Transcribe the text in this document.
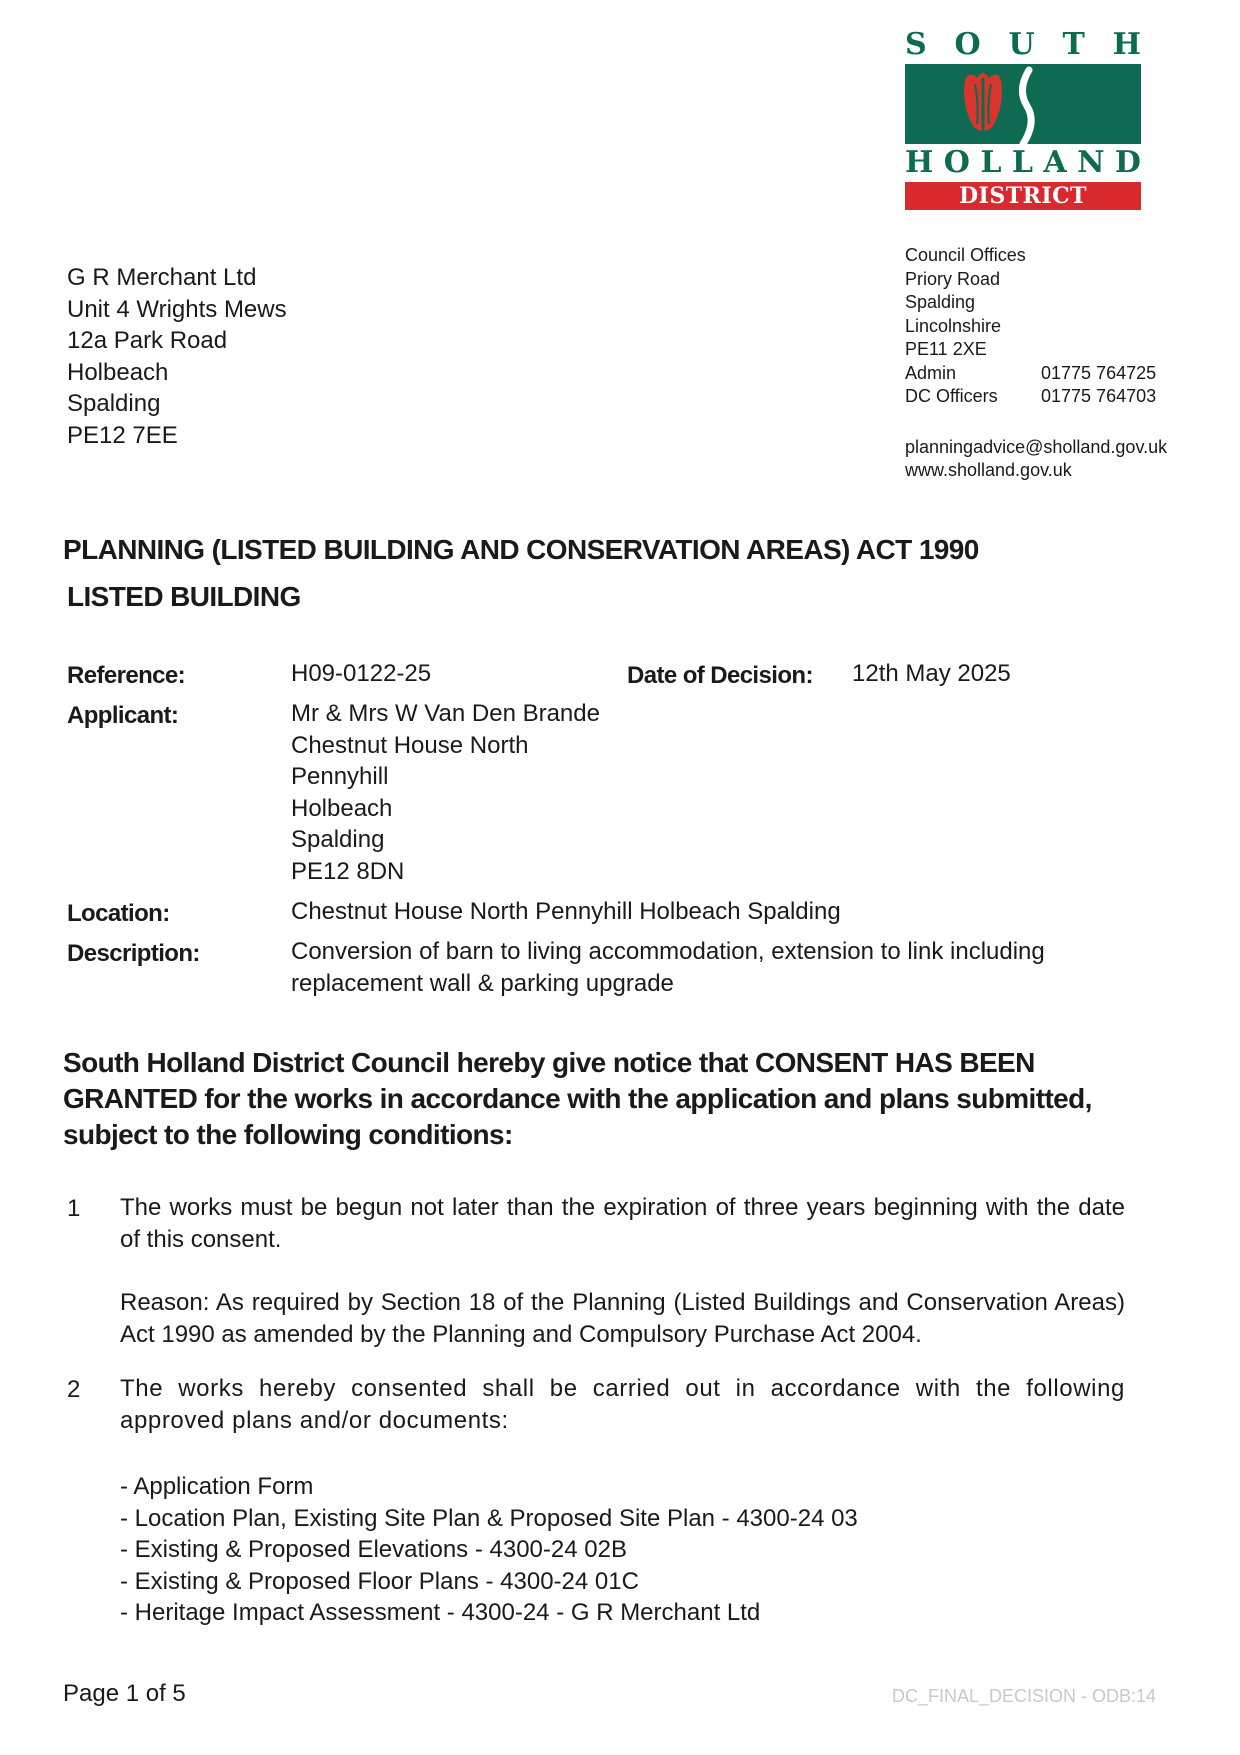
S O U T H
H O L L A N D
DISTRICT COUNCIL
G R Merchant Ltd
Unit 4 Wrights Mews
12a Park Road
Holbeach
Spalding
PE12 7EE
Council Offices
Priory Road
Spalding
Lincolnshire
PE11 2XE
Admin	01775 764725
DC Officers	01775 764703
planningadvice@sholland.gov.uk
www.sholland.gov.uk
PLANNING (LISTED BUILDING AND CONSERVATION AREAS) ACT 1990
LISTED BUILDING
Reference:	H09-0122-25	Date of Decision: 12th May 2025
Applicant:	Mr & Mrs W Van Den Brande
Chestnut House North
Pennyhill
Holbeach
Spalding
PE12 8DN
Location:	Chestnut House North Pennyhill Holbeach Spalding
Description:	Conversion of barn to living accommodation, extension to link including
replacement wall & parking upgrade
South Holland District Council hereby give notice that CONSENT HAS BEEN GRANTED for the works in accordance with the application and plans submitted, subject to the following conditions:
1 The works must be begun not later than the expiration of three years beginning with the date of this consent.
Reason: As required by Section 18 of the Planning (Listed Buildings and Conservation Areas) Act 1990 as amended by the Planning and Compulsory Purchase Act 2004.
2 The works hereby consented shall be carried out in accordance with the following approved plans and/or documents:
- Application Form
- Location Plan, Existing Site Plan & Proposed Site Plan - 4300-24 03
- Existing & Proposed Elevations - 4300-24 02B
- Existing & Proposed Floor Plans - 4300-24 01C
- Heritage Impact Assessment - 4300-24 - G R Merchant Ltd
Page 1 of 5	DC_FINAL_DECISION - ODB:14
